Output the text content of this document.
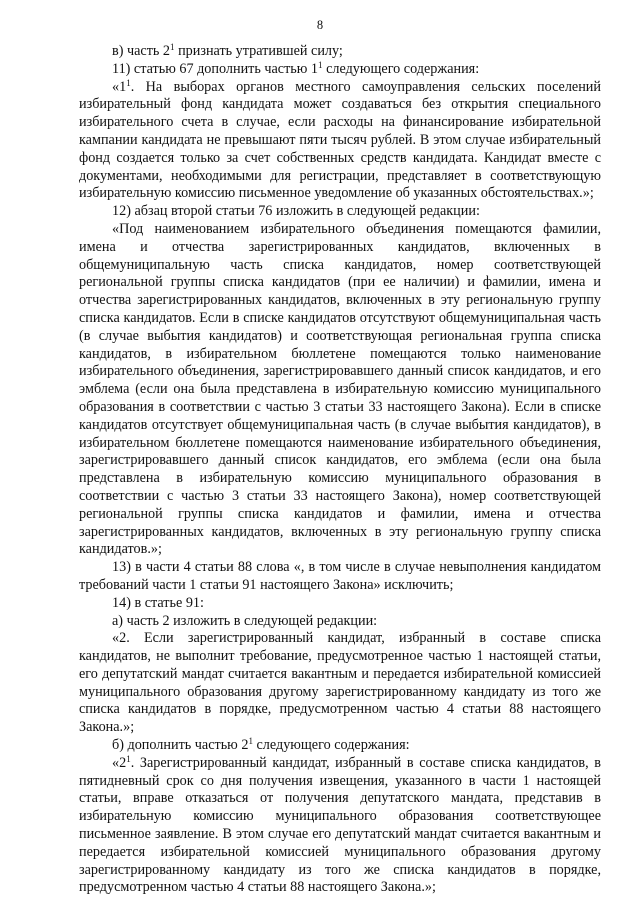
8

в) часть $2^1$ признать утратившей силу;

11) статью 67 дополнить частью $1^1$ следующего содержания:

«$1^1$. На выборах органов местного самоуправления сельских поселений избирательный фонд кандидата может создаваться без открытия специального избирательного счета в случае, если расходы на финансирование избирательной кампании кандидата не превышают пяти тысяч рублей. В этом случае избирательный фонд создается только за счет собственных средств кандидата. Кандидат вместе с документами, необходимыми для регистрации, представляет в соответствующую избирательную комиссию письменное уведомление об указанных обстоятельствах.»;

12) абзац второй статьи 76 изложить в следующей редакции:

«Под наименованием избирательного объединения помещаются фамилии, имена и отчества зарегистрированных кандидатов, включенных в общемуниципальную часть списка кандидатов, номер соответствующей региональной группы списка кандидатов (при ее наличии) и фамилии, имена и отчества зарегистрированных кандидатов, включенных в эту региональную группу списка кандидатов. Если в списке кандидатов отсутствуют общемуниципальная часть (в случае выбытия кандидатов) и соответствующая региональная группа списка кандидатов, в избирательном бюллетене помещаются только наименование избирательного объединения, зарегистрировавшего данный список кандидатов, и его эмблема (если она была представлена в избирательную комиссию муниципального образования в соответствии с частью 3 статьи 33 настоящего Закона). Если в списке кандидатов отсутствует общемуниципальная часть (в случае выбытия кандидатов), в избирательном бюллетене помещаются наименование избирательного объединения, зарегистрировавшего данный список кандидатов, его эмблема (если она была представлена в избирательную комиссию муниципального образования в соответствии с частью 3 статьи 33 настоящего Закона), номер соответствующей региональной группы списка кандидатов и фамилии, имена и отчества зарегистрированных кандидатов, включенных в эту региональную группу списка кандидатов.»;

13) в части 4 статьи 88 слова «, в том числе в случае невыполнения кандидатом требований части 1 статьи 91 настоящего Закона» исключить;

14) в статье 91:

а) часть 2 изложить в следующей редакции:

«2. Если зарегистрированный кандидат, избранный в составе списка кандидатов, не выполнит требование, предусмотренное частью 1 настоящей статьи, его депутатский мандат считается вакантным и передается избирательной комиссией муниципального образования другому зарегистрированному кандидату из того же списка кандидатов в порядке, предусмотренном частью 4 статьи 88 настоящего Закона.»;

б) дополнить частью $2^1$ следующего содержания:

«$2^1$. Зарегистрированный кандидат, избранный в составе списка кандидатов, в пятидневный срок со дня получения извещения, указанного в части 1 настоящей статьи, вправе отказаться от получения депутатского мандата, представив в избирательную комиссию муниципального образования соответствующее письменное заявление. В этом случае его депутатский мандат считается вакантным и передается избирательной комиссией муниципального образования другому зарегистрированному кандидату из того же списка кандидатов в порядке, предусмотренном частью 4 статьи 88 настоящего Закона.»;
